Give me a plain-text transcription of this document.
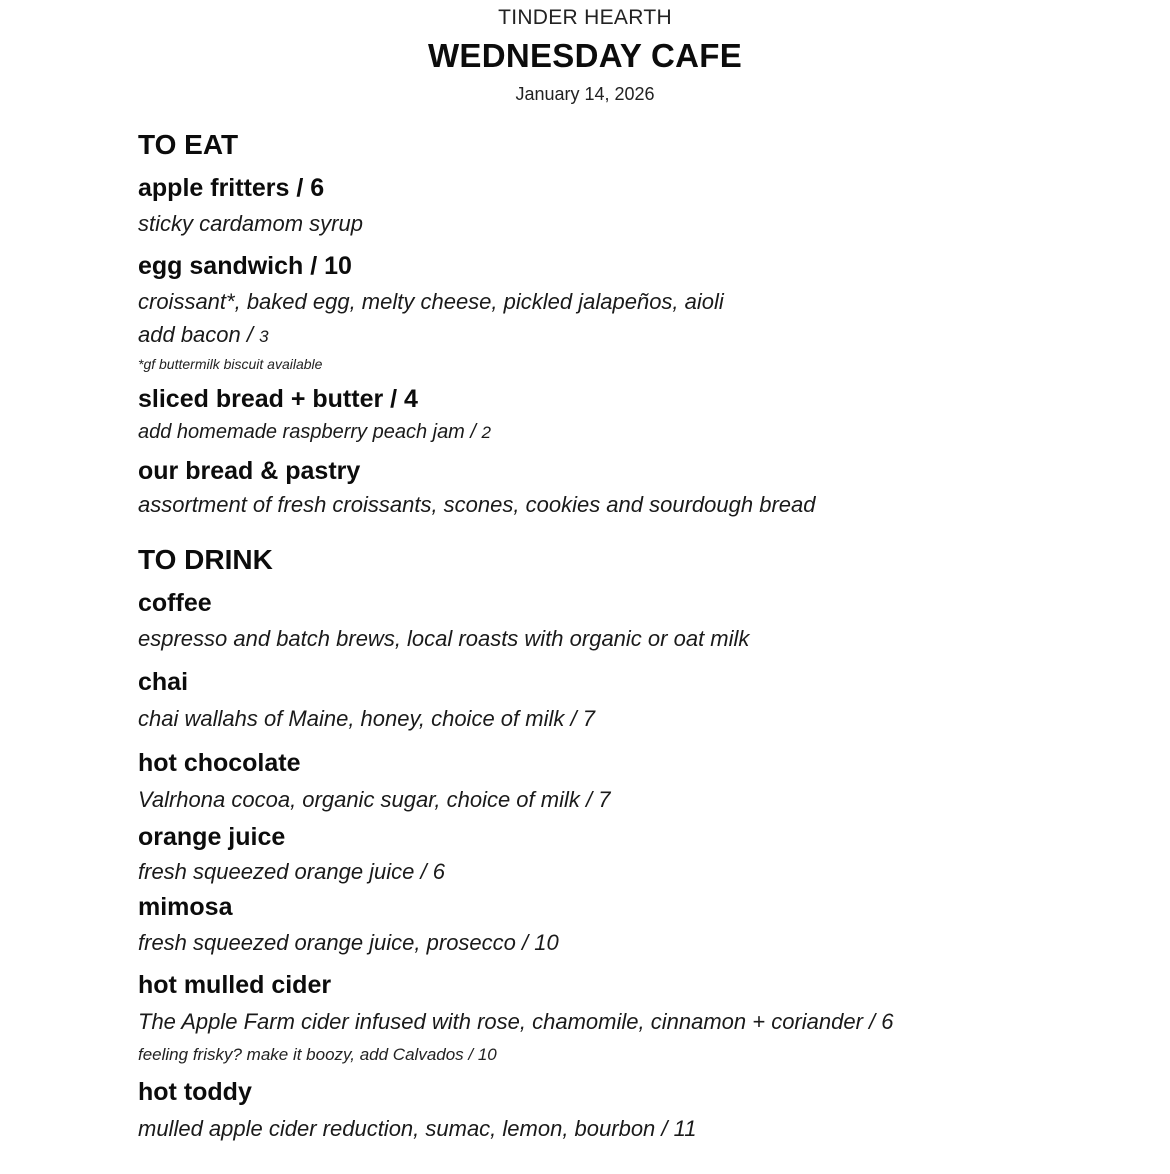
TINDER HEARTH
WEDNESDAY CAFE
January 14, 2026
TO EAT
apple fritters / 6
sticky cardamom syrup
egg sandwich / 10
croissant*, baked egg, melty cheese, pickled jalapeños, aioli
add bacon / 3
*gf buttermilk biscuit available
sliced bread + butter / 4
add homemade raspberry peach jam / 2
our bread & pastry
assortment of fresh croissants, scones, cookies and sourdough bread
TO DRINK
coffee
espresso and batch brews, local roasts with organic or oat milk
chai
chai wallahs of Maine, honey, choice of milk / 7
hot chocolate
Valrhona cocoa, organic sugar, choice of milk / 7
orange juice
fresh squeezed orange juice / 6
mimosa
fresh squeezed orange juice, prosecco / 10
hot mulled cider
The Apple Farm cider infused with rose, chamomile, cinnamon + coriander / 6
feeling frisky? make it boozy, add Calvados / 10
hot toddy
mulled apple cider reduction, sumac, lemon, bourbon / 11
